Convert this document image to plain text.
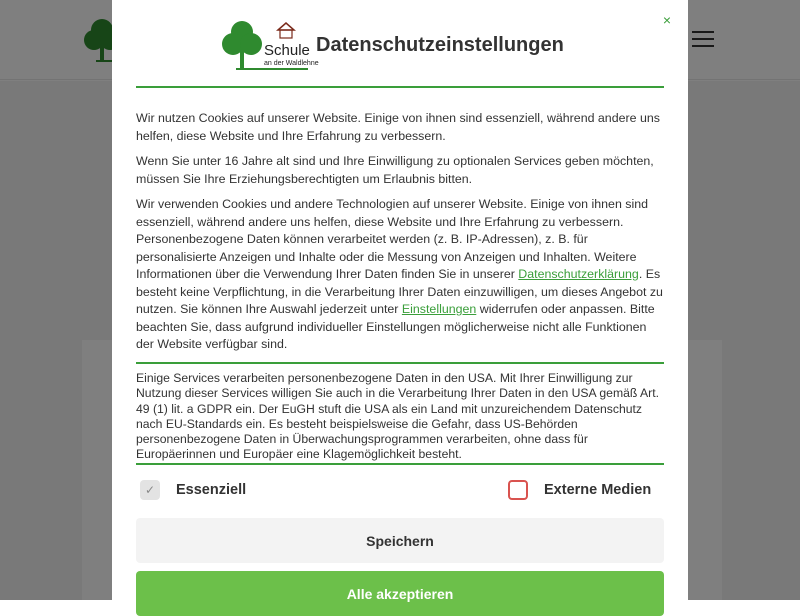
×
Schule
an der Waldlehne
Datenschutzeinstellungen

Wir nutzen Cookies auf unserer Website. Einige von ihnen sind essenziell, während andere uns helfen, diese Website und Ihre Erfahrung zu verbessern.

Wenn Sie unter 16 Jahre alt sind und Ihre Einwilligung zu optionalen Services geben möchten, müssen Sie Ihre Erziehungsberechtigten um Erlaubnis bitten.

Wir verwenden Cookies und andere Technologien auf unserer Website. Einige von ihnen sind essenziell, während andere uns helfen, diese Website und Ihre Erfahrung zu verbessern. Personenbezogene Daten können verarbeitet werden (z. B. IP-Adressen), z. B. für personalisierte Anzeigen und Inhalte oder die Messung von Anzeigen und Inhalten. Weitere Informationen über die Verwendung Ihrer Daten finden Sie in unserer Datenschutzerklärung. Es besteht keine Verpflichtung, in die Verarbeitung Ihrer Daten einzuwilligen, um dieses Angebot zu nutzen. Sie können Ihre Auswahl jederzeit unter Einstellungen widerrufen oder anpassen. Bitte beachten Sie, dass aufgrund individueller Einstellungen möglicherweise nicht alle Funktionen der Website verfügbar sind.

Einige Services verarbeiten personenbezogene Daten in den USA. Mit Ihrer Einwilligung zur Nutzung dieser Services willigen Sie auch in die Verarbeitung Ihrer Daten in den USA gemäß Art. 49 (1) lit. a GDPR ein. Der EuGH stuft die USA als ein Land mit unzureichendem Datenschutz nach EU-Standards ein. Es besteht beispielsweise die Gefahr, dass US-Behörden personenbezogene Daten in Überwachungsprogrammen verarbeiten, ohne dass für Europäerinnen und Europäer eine Klagemöglichkeit besteht.
✓	Essenziell	Externe Medien
Speichern
Alle akzeptieren
